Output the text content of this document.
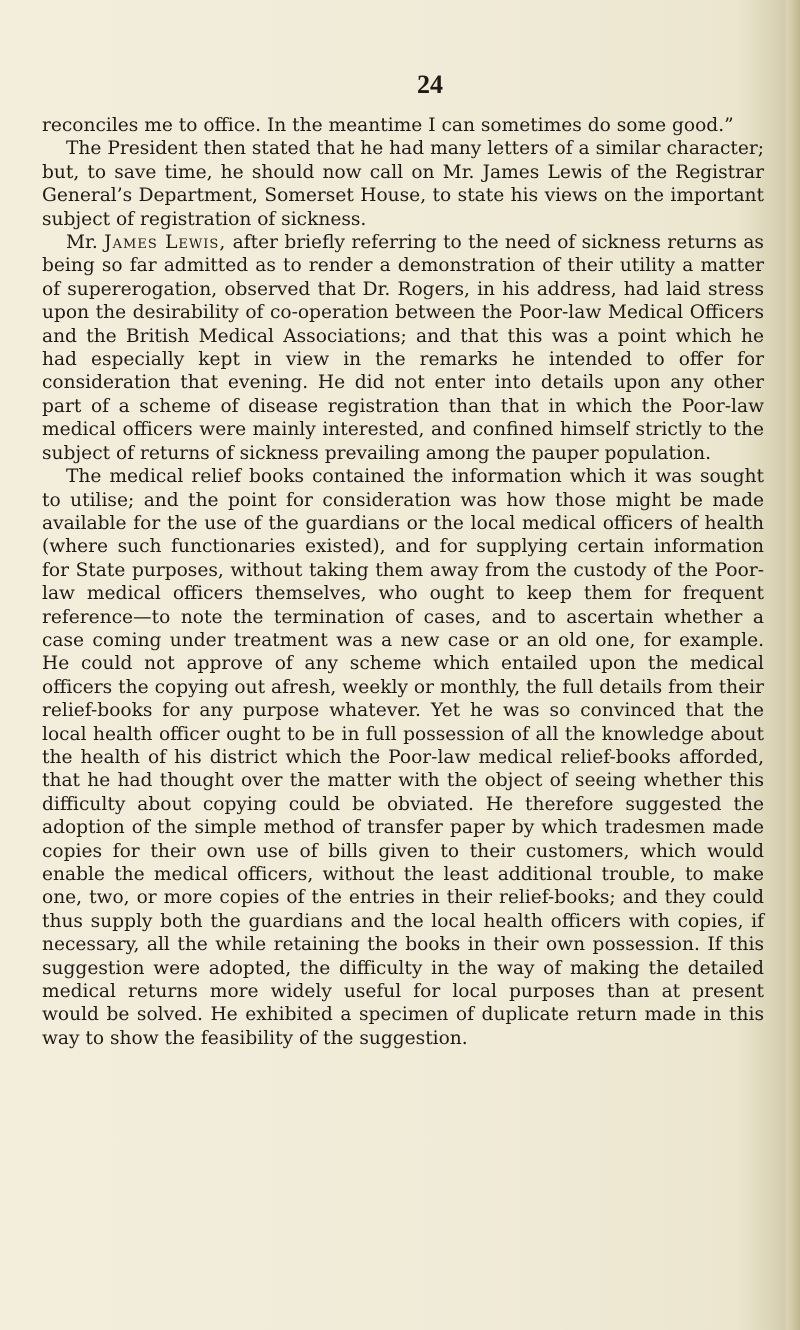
24

reconciles me to office. In the meantime I can sometimes do some good.”

The President then stated that he had many letters of a similar character; but, to save time, he should now call on Mr. James Lewis of the Registrar General’s Department, Somerset House, to state his views on the important subject of registration of sickness.

Mr. James Lewis, after briefly referring to the need of sickness returns as being so far admitted as to render a demonstration of their utility a matter of supererogation, observed that Dr. Rogers, in his address, had laid stress upon the desirability of co-operation between the Poor-law Medical Officers and the British Medical Associations; and that this was a point which he had especially kept in view in the remarks he intended to offer for consideration that evening. He did not enter into details upon any other part of a scheme of disease registration than that in which the Poor-law medical officers were mainly interested, and confined himself strictly to the subject of returns of sickness prevailing among the pauper population.

The medical relief books contained the information which it was sought to utilise; and the point for consideration was how those might be made available for the use of the guardians or the local medical officers of health (where such functionaries existed), and for supplying certain information for State purposes, without taking them away from the custody of the Poor-law medical officers themselves, who ought to keep them for frequent reference—to note the termination of cases, and to ascertain whether a case coming under treatment was a new case or an old one, for example. He could not approve of any scheme which entailed upon the medical officers the copying out afresh, weekly or monthly, the full details from their relief-books for any purpose whatever. Yet he was so convinced that the local health officer ought to be in full possession of all the knowledge about the health of his district which the Poor-law medical relief-books afforded, that he had thought over the matter with the object of seeing whether this difficulty about copying could be obviated. He therefore suggested the adoption of the simple method of transfer paper by which tradesmen made copies for their own use of bills given to their customers, which would enable the medical officers, without the least additional trouble, to make one, two, or more copies of the entries in their relief-books; and they could thus supply both the guardians and the local health officers with copies, if necessary, all the while retaining the books in their own possession. If this suggestion were adopted, the difficulty in the way of making the detailed medical returns more widely useful for local purposes than at present would be solved. He exhibited a specimen of duplicate return made in this way to show the feasibility of the suggestion.
